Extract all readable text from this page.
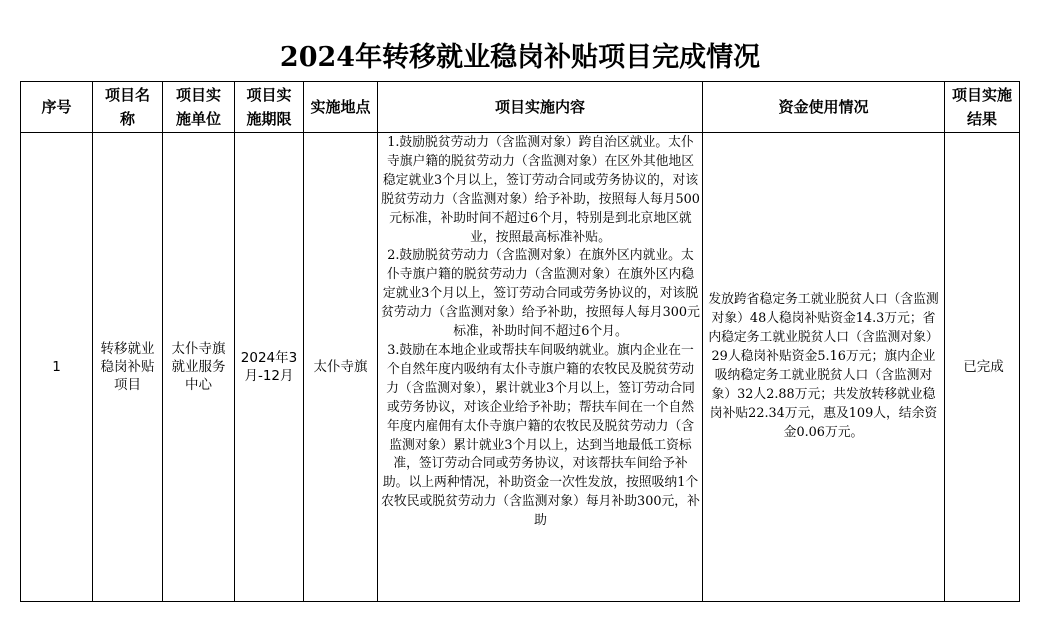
2024年转移就业稳岗补贴项目完成情况
序号	项目名称	项目实施单位	项目实施期限	实施地点	项目实施内容	资金使用情况	项目实施结果

1	转移就业稳岗补贴项目	太仆寺旗就业服务中心	2024年3月-12月	太仆寺旗	1.鼓励脱贫劳动力（含监测对象）跨自治区就业。太仆寺旗户籍的脱贫劳动力（含监测对象）在区外其他地区稳定就业3个月以上，签订劳动合同或劳务协议的，对该脱贫劳动力（含监测对象）给予补助，按照每人每月500元标准，补助时间不超过6个月，特别是到北京地区就业，按照最高标准补贴。
2.鼓励脱贫劳动力（含监测对象）在旗外区内就业。太仆寺旗户籍的脱贫劳动力（含监测对象）在旗外区内稳定就业3个月以上，签订劳动合同或劳务协议的，对该脱贫劳动力（含监测对象）给予补助，按照每人每月300元标准，补助时间不超过6个月。
3.鼓励在本地企业或帮扶车间吸纳就业。旗内企业在一个自然年度内吸纳有太仆寺旗户籍的农牧民及脱贫劳动力（含监测对象），累计就业3个月以上，签订劳动合同或劳务协议，对该企业给予补助；帮扶车间在一个自然年度内雇佣有太仆寺旗户籍的农牧民及脱贫劳动力（含监测对象）累计就业3个月以上，达到当地最低工资标准，签订劳动合同或劳务协议，对该帮扶车间给予补助。以上两种情况，补助资金一次性发放，按照吸纳1个农牧民或脱贫劳动力（含监测对象）每月补助300元，补助	发放跨省稳定务工就业脱贫人口（含监测对象）48人稳岗补贴资金14.3万元；省内稳定务工就业脱贫人口（含监测对象）29人稳岗补贴资金5.16万元；旗内企业吸纳稳定务工就业脱贫人口（含监测对象）32人2.88万元；共发放转移就业稳岗补贴22.34万元，惠及109人，结余资金0.06万元。	已完成
